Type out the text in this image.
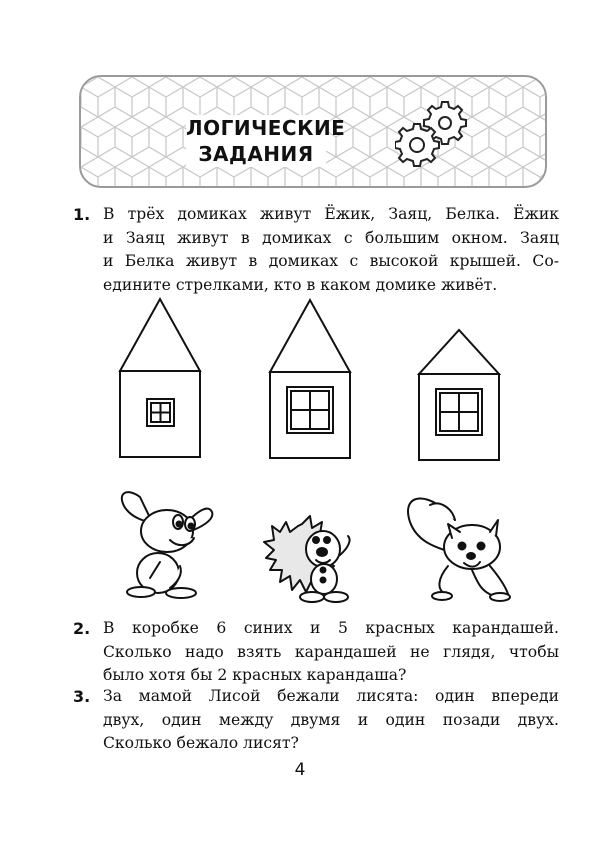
ЛОГИЧЕСКИЕ
ЗАДАНИЯ
1. В трёх домиках живут Ёжик, Заяц, Белка. Ёжик
и Заяц живут в домиках с большим окном. Заяц
и Белка живут в домиках с высокой крышей. Со-
едините стрелками, кто в каком домике живёт.
2. В коробке 6 синих и 5 красных карандашей.
Сколько надо взять карандашей не глядя, чтобы
было хотя бы 2 красных карандаша?
3. За мамой Лисой бежали лисята: один впереди
двух, один между двумя и один позади двух.
Сколько бежало лисят?
4
